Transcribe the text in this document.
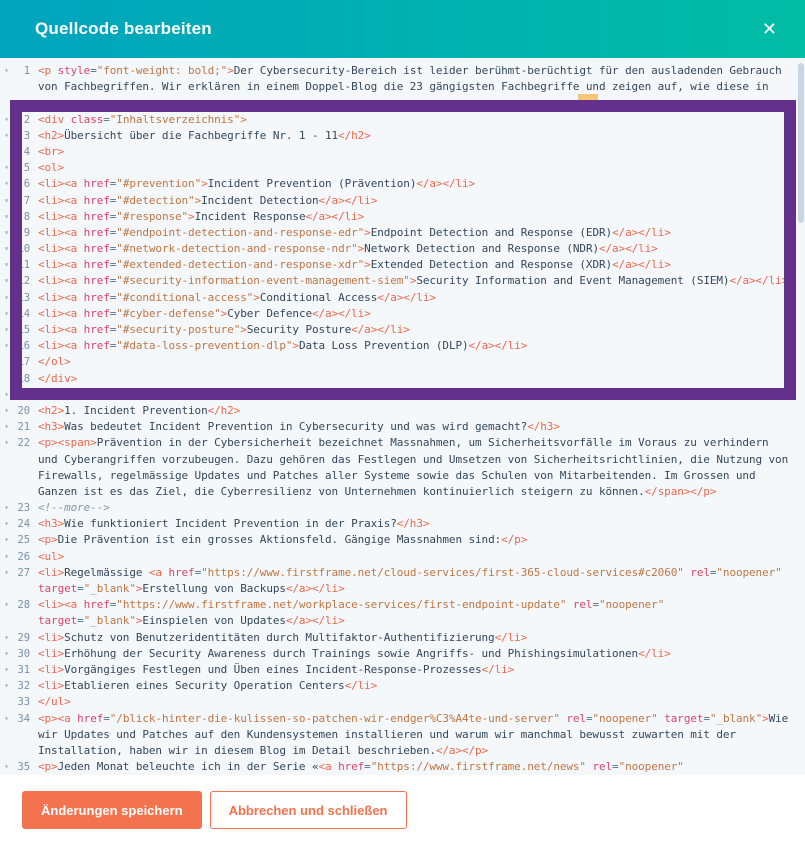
Quellcode bearbeiten	✕
▾	1 <p style="font-weight: bold;">Der Cybersecurity-Bereich ist leider berühmt-berüchtigt für den ausladenden Gebrauch
von Fachbegriffen. Wir erklären in einem Doppel-Blog die 23 gängigsten Fachbegriffe und zeigen auf, wie diese in
▾	2 <div class="Inhaltsverzeichnis">
▾	3 <h2>Übersicht über die Fachbegriffe Nr. 1 - 11</h2>
4 <br>
▾	5 <ol>
▾	6 <li><a href="#prevention">Incident Prevention (Prävention)</a></li>
▾	7 <li><a href="#detection">Incident Detection</a></li>
▾	8 <li><a href="#response">Incident Response</a></li>
▾	9 <li><a href="#endpoint-detection-and-response-edr">Endpoint Detection and Response (EDR)</a></li>
▾ 10 <li><a href="#network-detection-and-response-ndr">Network Detection and Response (NDR)</a></li>
▾ 11 <li><a href="#extended-detection-and-response-xdr">Extended Detection and Response (XDR)</a></li>
▾ 12 <li><a href="#security-information-event-management-siem">Security Information and Event Management (SIEM)</a></li>
▾ 13 <li><a href="#conditional-access">Conditional Access</a></li>
▾ 14 <li><a href="#cyber-defense">Cyber Defence</a></li>
▾ 15 <li><a href="#security-posture">Security Posture</a></li>
▾ 16 <li><a href="#data-loss-prevention-dlp">Data Loss Prevention (DLP)</a></li>
17 </ol>
18 </div>
▾ 19 <p>&nbsp;</p>
▾ 20 <h2>1. Incident Prevention</h2>
▾ 21 <h3>Was bedeutet Incident Prevention in Cybersecurity und was wird gemacht?</h3>
▾ 22 <p><span>Prävention in der Cybersicherheit bezeichnet Massnahmen, um Sicherheitsvorfälle im Voraus zu verhindern
und Cyberangriffen vorzubeugen. Dazu gehören das Festlegen und Umsetzen von Sicherheitsrichtlinien, die Nutzung von
Firewalls, regelmässige Updates und Patches aller Systeme sowie das Schulen von Mitarbeitenden. Im Grossen und
Ganzen ist es das Ziel, die Cyberresilienz von Unternehmen kontinuierlich steigern zu können.</span></p>
▾ 23 <!--more-->
▾ 24 <h3>Wie funktioniert Incident Prevention in der Praxis?</h3>
▾ 25 <p>Die Prävention ist ein grosses Aktionsfeld. Gängige Massnahmen sind:</p>
▾ 26 <ul>
▾ 27 <li>Regelmässige <a href="https://www.firstframe.net/cloud-services/first-365-cloud-services#c2060" rel="noopener"
target="_blank">Erstellung von Backups</a></li>
▾ 28 <li><a href="https://www.firstframe.net/workplace-services/first-endpoint-update" rel="noopener"
target="_blank">Einspielen von Updates</a></li>
▾ 29 <li>Schutz von Benutzeridentitäten durch Multifaktor-Authentifizierung</li>
▾ 30 <li>Erhöhung der Security Awareness durch Trainings sowie Angriffs- und Phishingsimulationen</li>
▾ 31 <li>Vorgängiges Festlegen und Üben eines Incident-Response-Prozesses</li>
▾ 32 <li>Etablieren eines Security Operation Centers</li>
33 </ul>
▾ 34 <p><a href="/blick-hinter-die-kulissen-so-patchen-wir-endger%C3%A4te-und-server" rel="noopener" target="_blank">Wie
wir Updates und Patches auf den Kundensystemen installieren und warum wir manchmal bewusst zuwarten mit der
Installation, haben wir in diesem Blog im Detail beschrieben.</a></p>
▾ 35 <p>Jeden Monat beleuchte ich in der Serie «<a href="https://www.firstframe.net/news" rel="noopener"
Änderungen speichern	Abbrechen und schließen
